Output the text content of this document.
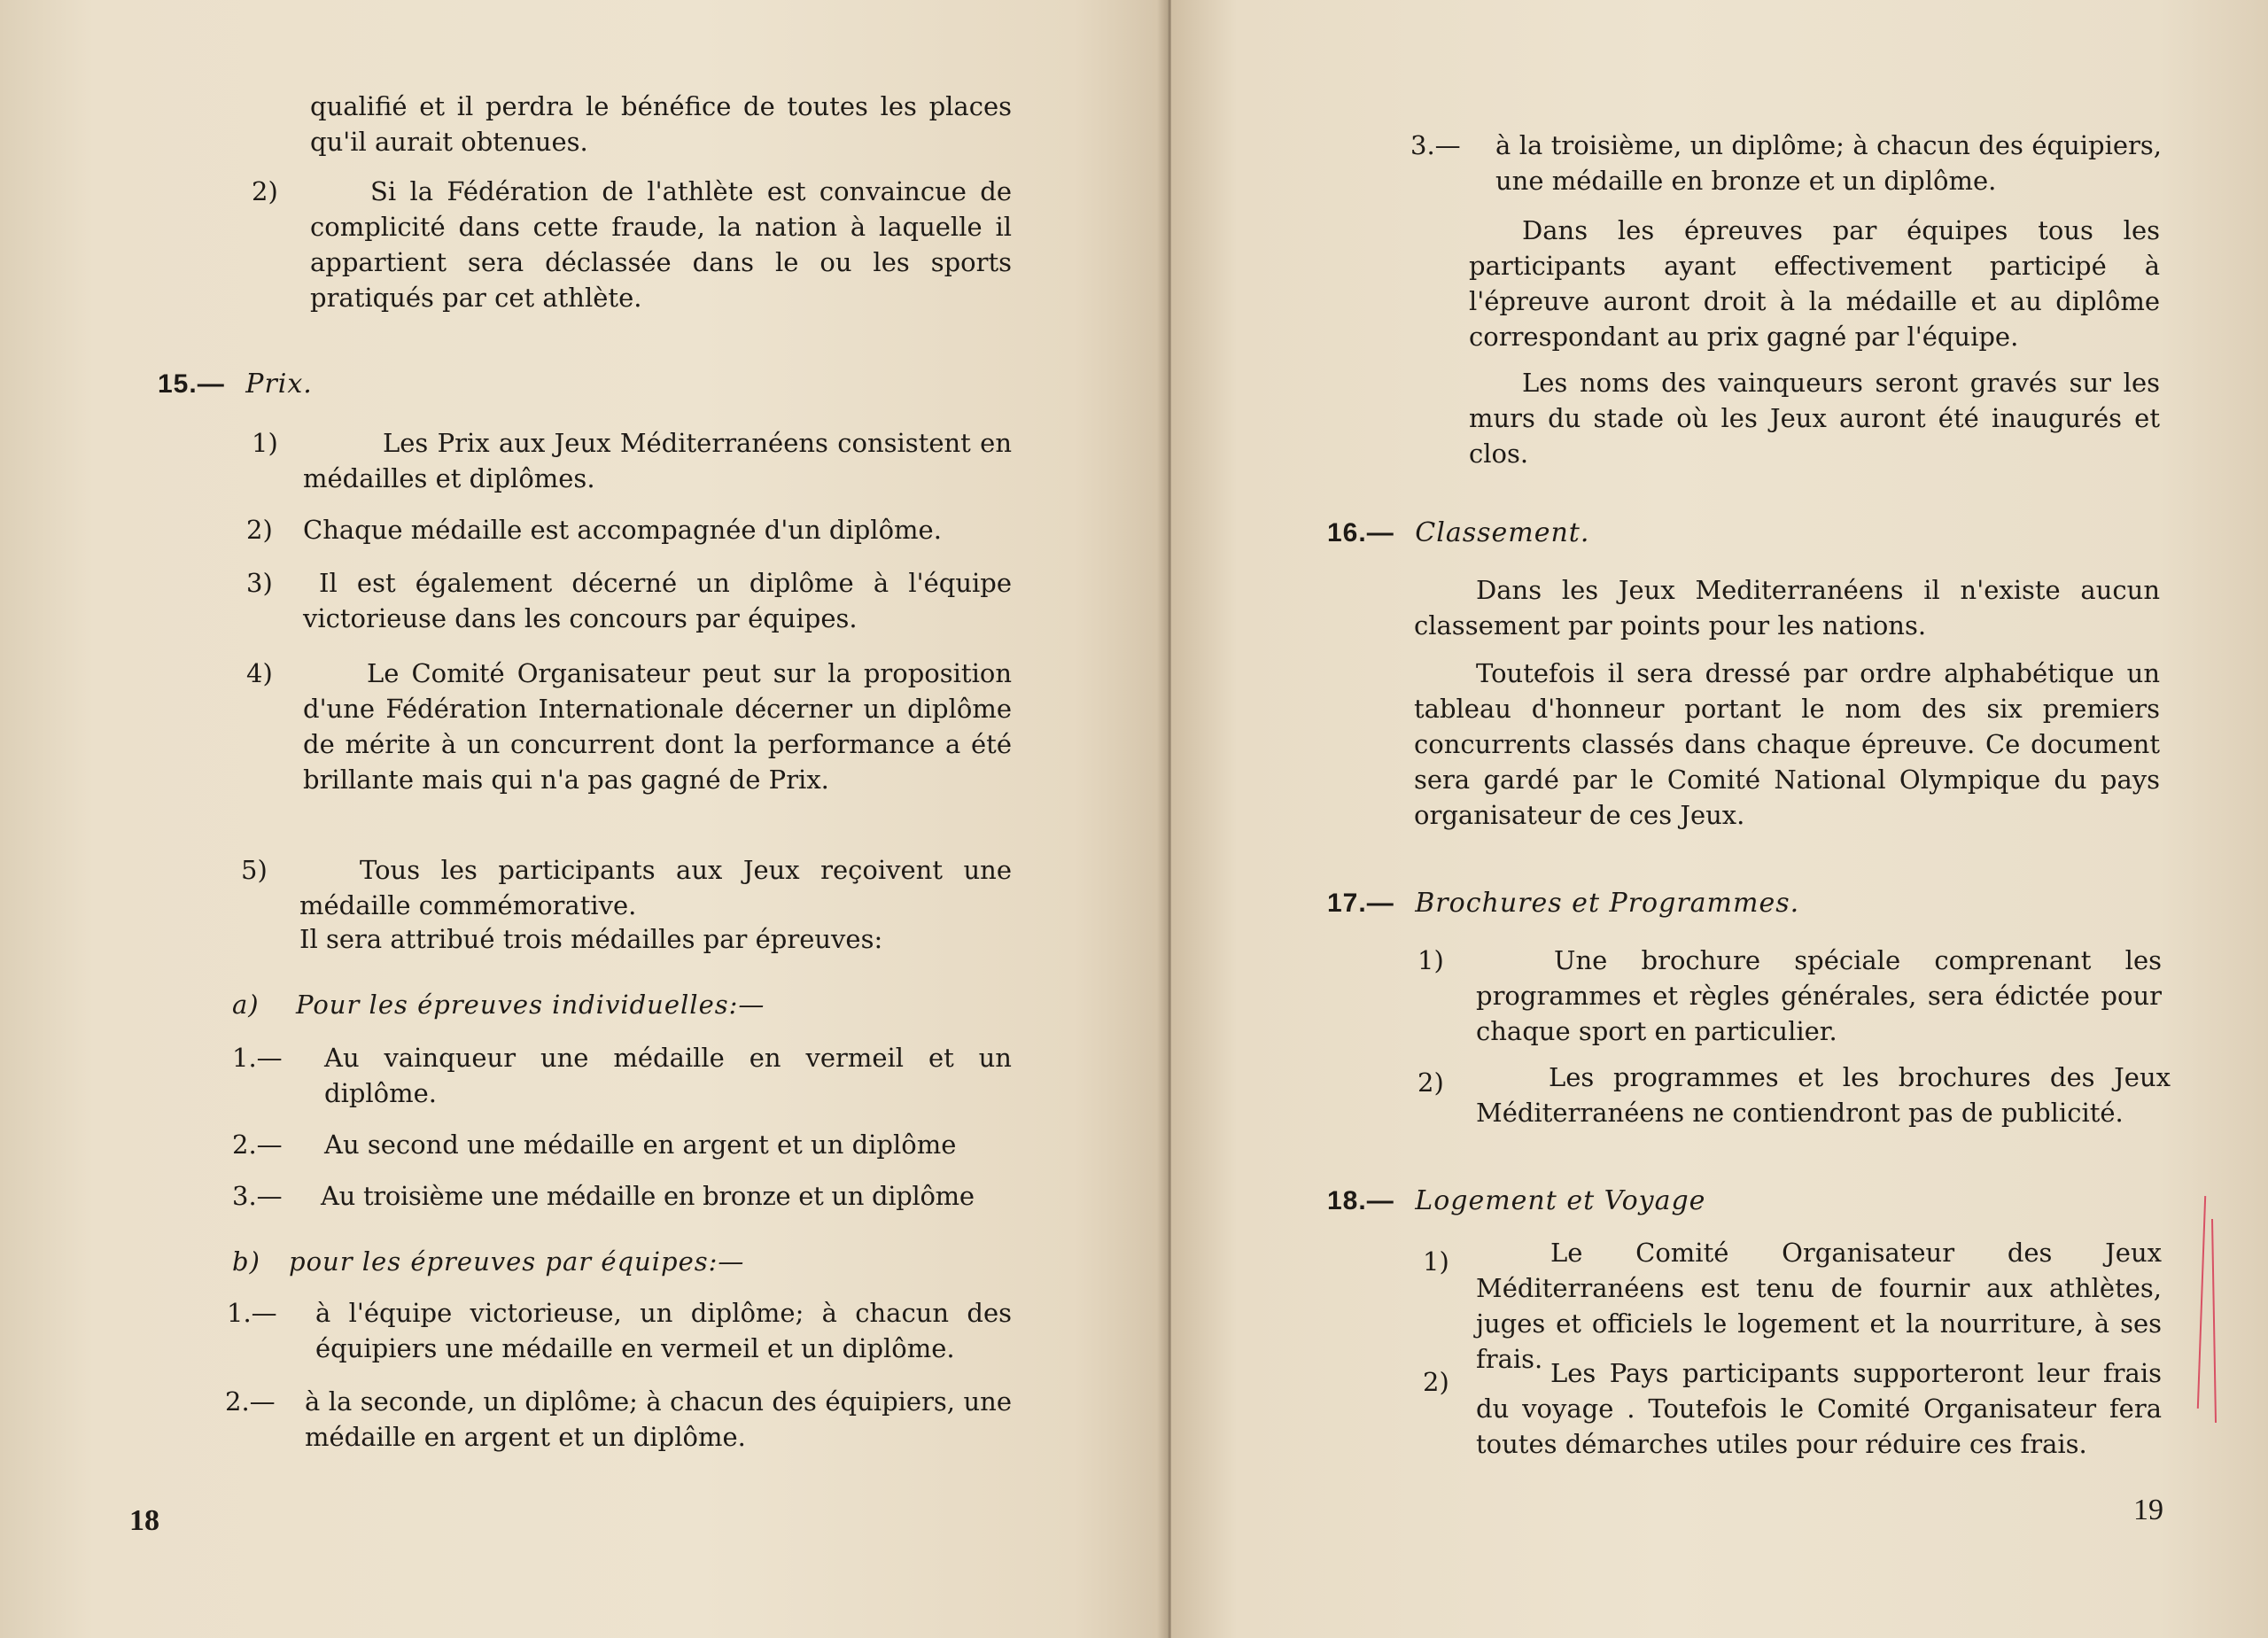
qualifié et il perdra le bénéfice de toutes les places qu'il aurait obtenues.
2)	Si la Fédération de l'athlète est convaincue de complicité dans cette fraude, la nation à laquelle il appartient sera déclassée dans le ou les sports pratiqués par cet athlète.
15.— Prix.
1)	Les Prix aux Jeux Méditerranéens consistent en médailles et diplômes.
2) Chaque médaille est accompagnée d'un diplôme.
3)	Il est également décerné un diplôme à l'équipe victorieuse dans les concours par équipes.
4)	Le Comité Organisateur peut sur la proposition d'une Fédération Internationale décerner un diplôme de mérite à un concurrent dont la performance a été brillante mais qui n'a pas gagné de Prix.
5)	Tous les participants aux Jeux reçoivent une médaille commémorative.
Il sera attribué trois médailles par épreuves:
a) Pour les épreuves individuelles:—
1.— Au vainqueur une médaille en vermeil et un diplôme.
2.— Au second une médaille en argent et un diplôme
3.— Au troisième une médaille en bronze et un diplôme
b) pour les épreuves par équipes:—
1.— à l'équipe victorieuse, un diplôme; à chacun des équipiers une médaille en vermeil et un diplôme.
2.— à la seconde, un diplôme; à chacun des équipiers, une médaille en argent et un diplôme.
18
3.— à la troisième, un diplôme; à chacun des équipiers, une médaille en bronze et un diplôme.
Dans les épreuves par équipes tous les participants ayant effectivement participé à l'épreuve auront droit à la médaille et au diplôme correspondant au prix gagné par l'équipe.
Les noms des vainqueurs seront gravés sur les murs du stade où les Jeux auront été inaugurés et clos.
16.— Classement.
Dans les Jeux Mediterranéens il n'existe aucun classement par points pour les nations.
Toutefois il sera dressé par ordre alphabétique un tableau d'honneur portant le nom des six premiers concurrents classés dans chaque épreuve. Ce document sera gardé par le Comité National Olympique du pays organisateur de ces Jeux.
17.— Brochures et Programmes.
1)	Une brochure spéciale comprenant les programmes et règles générales, sera édictée pour chaque sport en particulier.
2)	Les programmes et les brochures des Jeux Méditerranéens ne contiendront pas de publicité.
18.— Logement et Voyage
1)	Le Comité Organisateur des Jeux Méditerranéens est tenu de fournir aux athlètes, juges et officiels le logement et la nourriture, à ses frais.
2)	Les Pays participants supporteront leur frais du voyage . Toutefois le Comité Organisateur fera toutes démarches utiles pour réduire ces frais.
19
